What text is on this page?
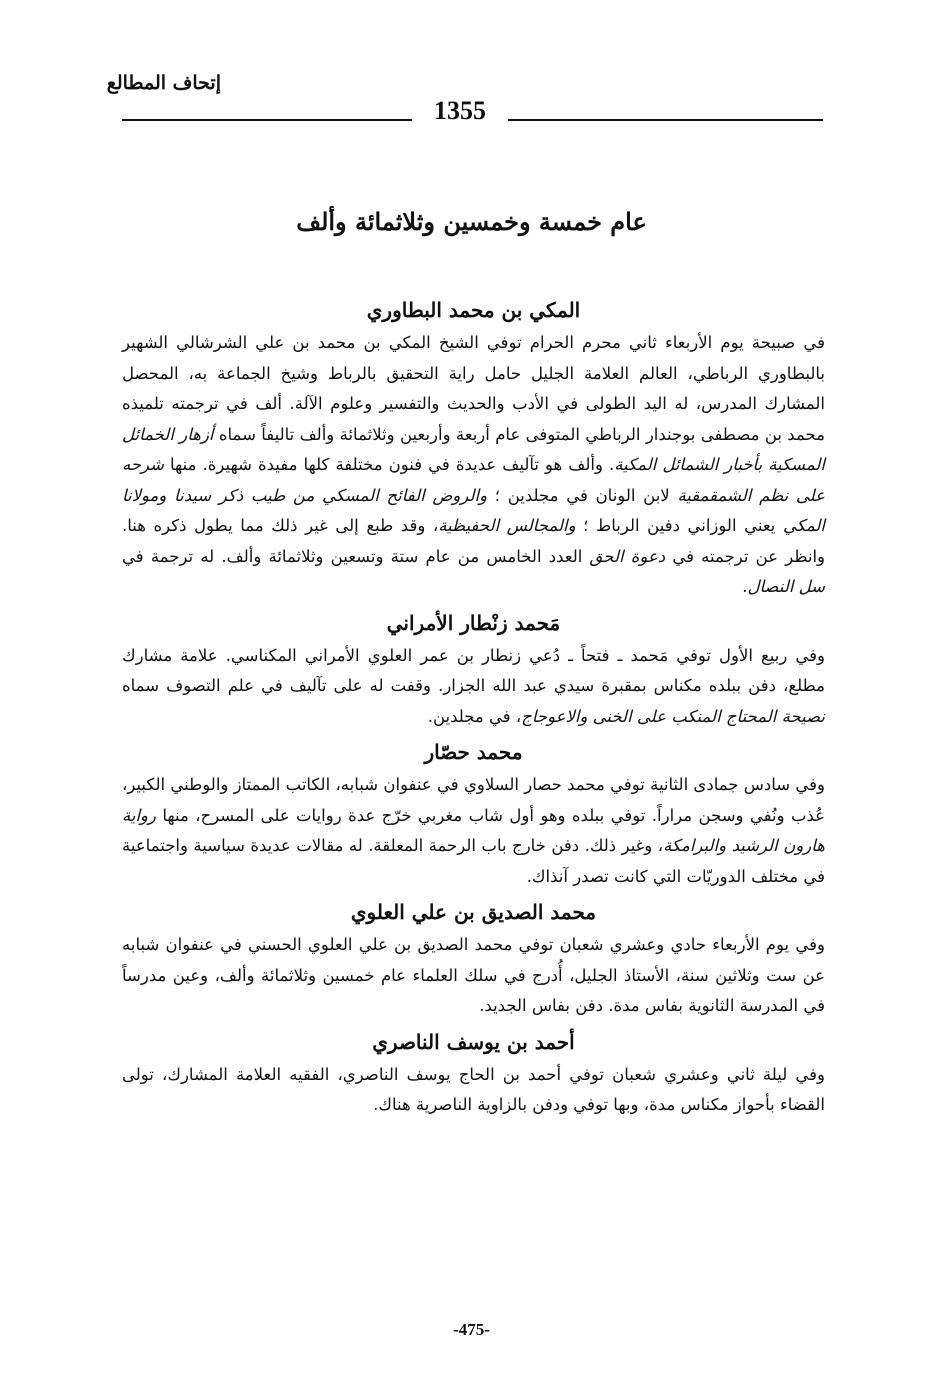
إتحاف المطالع
1355
عام خمسة وخمسين وثلاثمائة وألف
المكي بن محمد البطاوري

في صبيحة يوم الأربعاء ثاني محرم الحرام توفي الشيخ المكي بن محمد بن علي الشرشالي الشهير بالبطاوري الرباطي، العالم العلامة الجليل حامل راية التحقيق بالرباط وشيخ الجماعة به، المحصل المشارك المدرس، له اليد الطولى في الأدب والحديث والتفسير وعلوم الآلة. ألف في ترجمته تلميذه محمد بن مصطفى بوجندار الرباطي المتوفى عام أربعة وأربعين وثلاثمائة وألف تاليفاً سماه أزهار الخمائل المسكية بأخبار الشمائل المكية. وألف هو تآليف عديدة في فنون مختلفة كلها مفيدة شهيرة. منها شرحه على نظم الشمقمقية لابن الونان في مجلدين ؛ والروض الفائح المسكي من طيب ذكر سيدنا ومولانا المكي يعني الوزاني دفين الرباط ؛ والمجالس الحفيظية، وقد طبع إلى غير ذلك مما يطول ذكره هنا. وانظر عن ترجمته في دعوة الحق العدد الخامس من عام ستة وتسعين وثلاثمائة وألف. له ترجمة في سل النصال.

مَحمد زنْطار الأمراني

وفي ربيع الأول توفي مَحمد ـ فتحاً ـ دُعي زنطار بن عمر العلوي الأمراني المكناسي. علامة مشارك مطلع، دفن ببلده مكناس بمقبرة سيدي عبد الله الجزار. وقفت له على تآليف في علم التصوف سماه نصيحة المحتاج المنكب على الخنى والاعوجاج، في مجلدين.

محمد حصّار

وفي سادس جمادى الثانية توفي محمد حصار السلاوي في عنفوان شبابه، الكاتب الممتاز والوطني الكبير، عُذب ونُفي وسجن مراراً. توفي ببلده وهو أول شاب مغربي خرّج عدة روايات على المسرح، منها رواية هارون الرشيد والبرامكة، وغير ذلك. دفن خارج باب الرحمة المعلقة. له مقالات عديدة سياسية واجتماعية في مختلف الدوريّات التي كانت تصدر آنذاك.

محمد الصديق بن علي العلوي

وفي يوم الأربعاء حادي وعشري شعبان توفي محمد الصديق بن علي العلوي الحسني في عنفوان شبابه عن ست وثلاثين سنة، الأستاذ الجليل، أُدرج في سلك العلماء عام خمسين وثلاثمائة وألف، وعين مدرساً في المدرسة الثانوية بفاس مدة. دفن بفاس الجديد.

أحمد بن يوسف الناصري

وفي ليلة ثاني وعشري شعبان توفي أحمد بن الحاج يوسف الناصري، الفقيه العلامة المشارك، تولى القضاء بأحواز مكناس مدة، وبها توفي ودفن بالزاوية الناصرية هناك.

-475-
